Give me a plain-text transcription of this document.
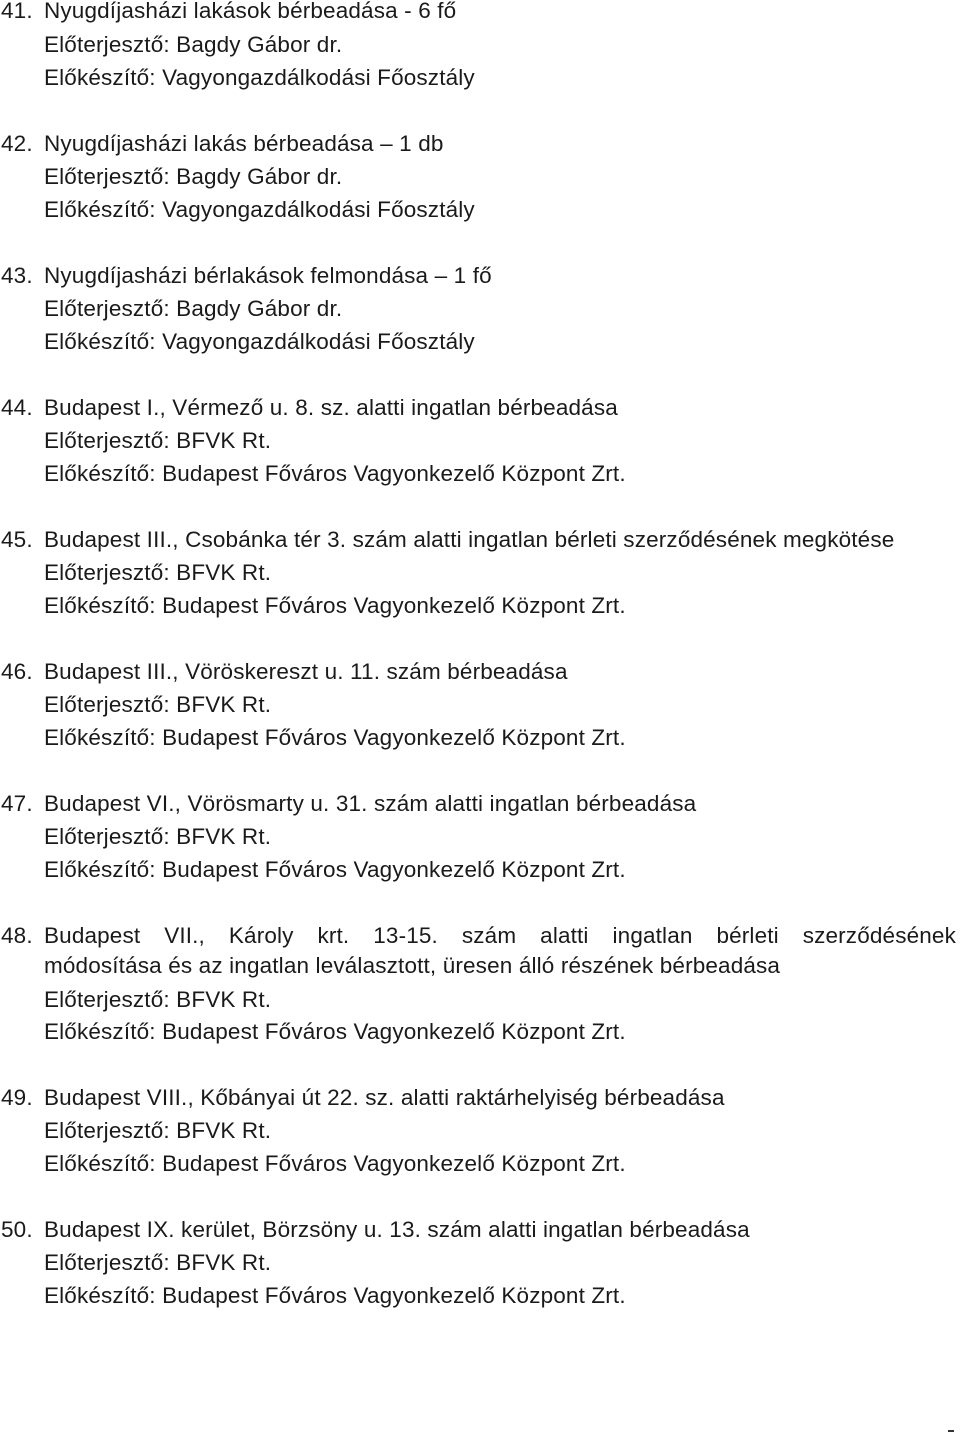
41. Nyugdíjasházi lakások bérbeadása - 6 fő
Előterjesztő: Bagdy Gábor dr.
Előkészítő: Vagyongazdálkodási Főosztály
42. Nyugdíjasházi lakás bérbeadása – 1 db
Előterjesztő: Bagdy Gábor dr.
Előkészítő: Vagyongazdálkodási Főosztály
43. Nyugdíjasházi bérlakások felmondása – 1 fő
Előterjesztő: Bagdy Gábor dr.
Előkészítő: Vagyongazdálkodási Főosztály
44. Budapest I., Vérmező u. 8. sz. alatti ingatlan bérbeadása
Előterjesztő: BFVK Rt.
Előkészítő: Budapest Főváros Vagyonkezelő Központ Zrt.
45. Budapest III., Csobánka tér 3. szám alatti ingatlan bérleti szerződésének megkötése
Előterjesztő: BFVK Rt.
Előkészítő: Budapest Főváros Vagyonkezelő Központ Zrt.
46. Budapest III., Vöröskereszt u. 11. szám bérbeadása
Előterjesztő: BFVK Rt.
Előkészítő: Budapest Főváros Vagyonkezelő Központ Zrt.
47. Budapest VI., Vörösmarty u. 31. szám alatti ingatlan bérbeadása
Előterjesztő: BFVK Rt.
Előkészítő: Budapest Főváros Vagyonkezelő Központ Zrt.
48. Budapest VII., Károly krt. 13-15. szám alatti ingatlan bérleti szerződésének
módosítása és az ingatlan leválasztott, üresen álló részének bérbeadása
Előterjesztő: BFVK Rt.
Előkészítő: Budapest Főváros Vagyonkezelő Központ Zrt.
49. Budapest VIII., Kőbányai út 22. sz. alatti raktárhelyiség bérbeadása
Előterjesztő: BFVK Rt.
Előkészítő: Budapest Főváros Vagyonkezelő Központ Zrt.
50. Budapest IX. kerület, Börzsöny u. 13. szám alatti ingatlan bérbeadása
Előterjesztő: BFVK Rt.
Előkészítő: Budapest Főváros Vagyonkezelő Központ Zrt.
